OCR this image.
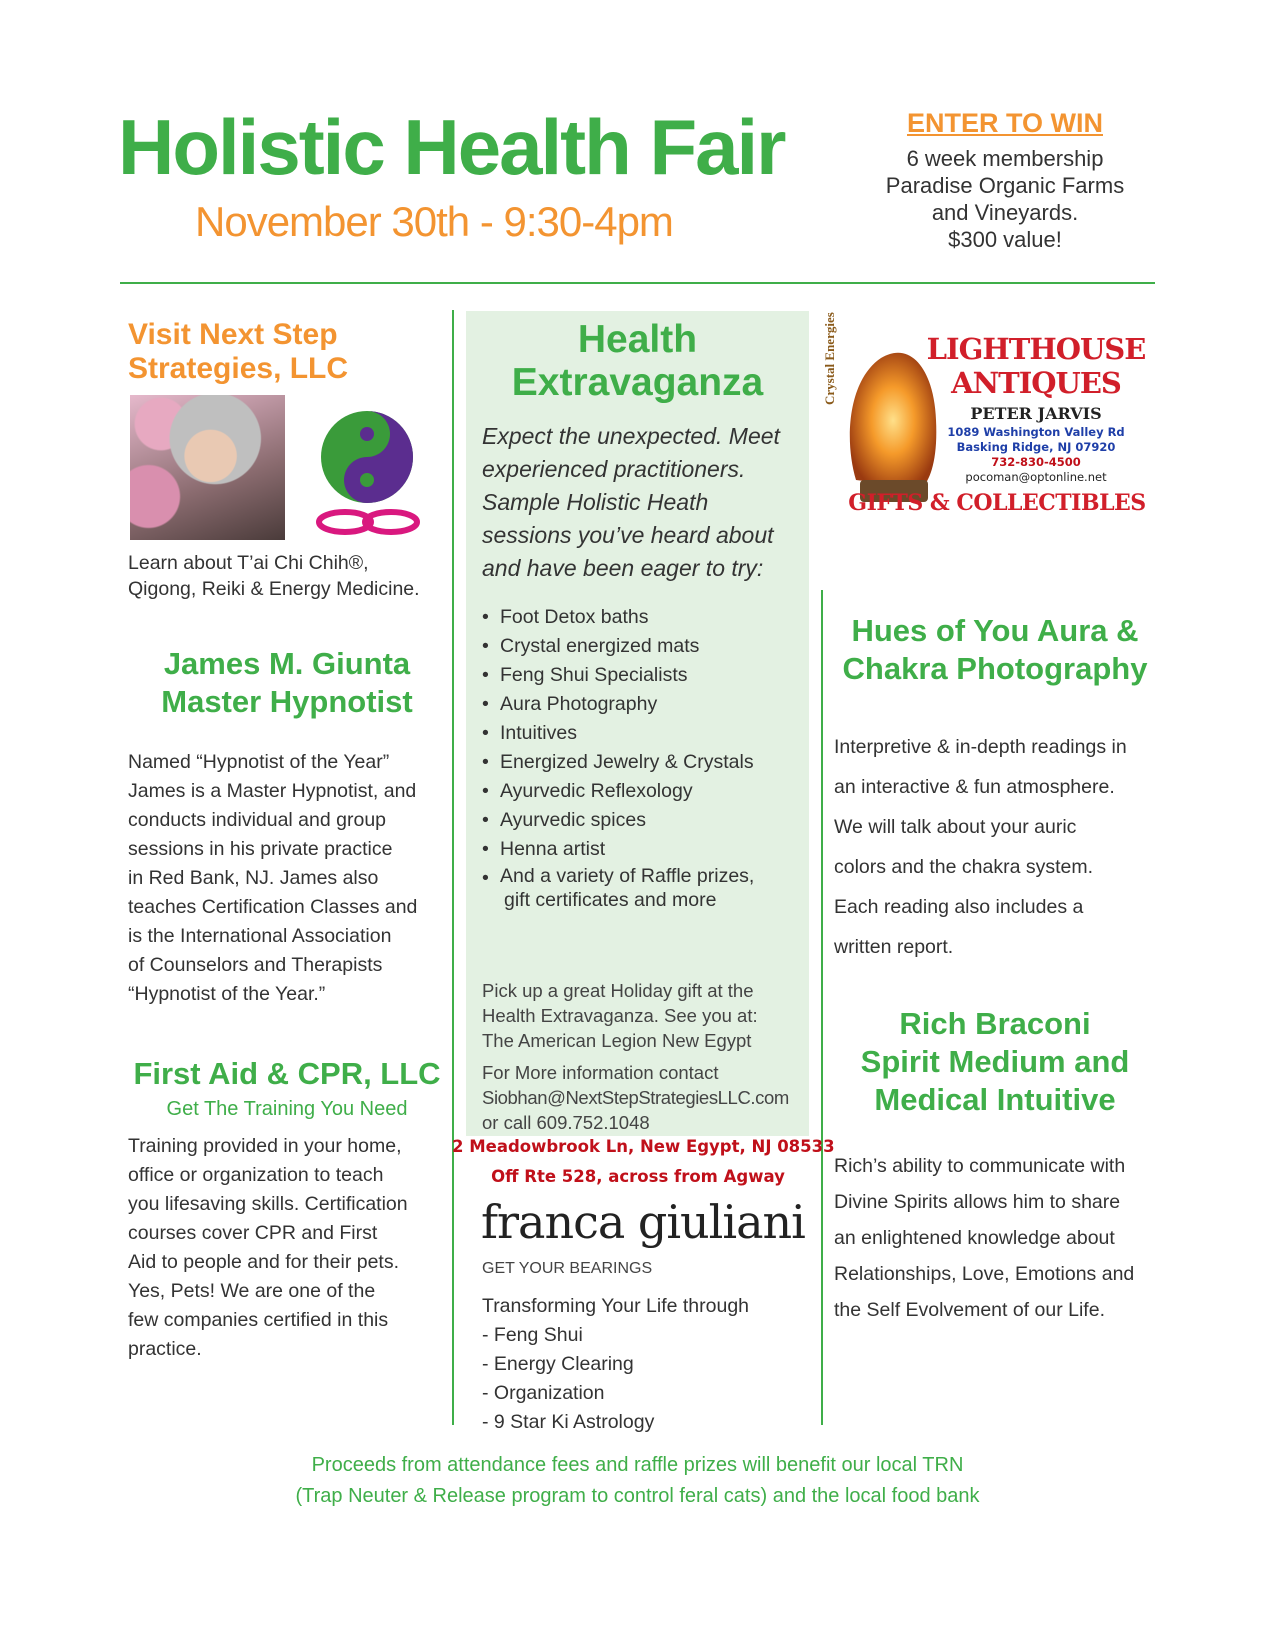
Holistic Health Fair
November 30th - 9:30-4pm
ENTER TO WIN
6 week membership
Paradise Organic Farms
and Vineyards.
$300 value!
Visit Next Step
Strategies, LLC
Learn about T’ai Chi Chih®,
Qigong, Reiki & Energy Medicine.
James M. Giunta
Master Hypnotist
Named “Hypnotist of the Year”
James is a Master Hypnotist, and
conducts individual and group
sessions in his private practice
in Red Bank, NJ. James also
teaches Certification Classes and
is the International Association
of Counselors and Therapists
“Hypnotist of the Year.”
First Aid & CPR, LLC
Get The Training You Need
Training provided in your home,
office or organization to teach
you lifesaving skills. Certification
courses cover CPR and First
Aid to people and for their pets.
Yes, Pets! We are one of the
few companies certified in this
practice.
Health
Extravaganza
Expect the unexpected. Meet
experienced practitioners.
Sample Holistic Heath
sessions you’ve heard about
and have been eager to try:
• Foot Detox baths
• Crystal energized mats
• Feng Shui Specialists
• Aura Photography
• Intuitives
• Energized Jewelry & Crystals
• Ayurvedic Reflexology
• Ayurvedic spices
• Henna artist
• And a variety of Raffle prizes,
gift certificates and more
Pick up a great Holiday gift at the
Health Extravaganza. See you at:
The American Legion New Egypt
For More information contact
Siobhan@NextStepStrategiesLLC.com
or call 609.752.1048
2 Meadowbrook Ln, New Egypt, NJ 08533
Off Rte 528, across from Agway
franca giuliani
GET YOUR BEARINGS
Transforming Your Life through
- Feng Shui
- Energy Clearing
- Organization
- 9 Star Ki Astrology
Crystal Energies	LIGHTHOUSE
ANTIQUES
PETER JARVIS
1089 Washington Valley Rd
Basking Ridge, NJ 07920
732-830-4500
pocoman@optonline.net
GIFTS & COLLECTIBLES
Hues of You Aura &
Chakra Photography
Interpretive & in-depth readings in
an interactive & fun atmosphere.
We will talk about your auric
colors and the chakra system.
Each reading also includes a
written report.
Rich Braconi
Spirit Medium and
Medical Intuitive
Rich’s ability to communicate with
Divine Spirits allows him to share
an enlightened knowledge about
Relationships, Love, Emotions and
the Self Evolvement of our Life.
Proceeds from attendance fees and raffle prizes will benefit our local TRN
(Trap Neuter & Release program to control feral cats) and the local food bank
